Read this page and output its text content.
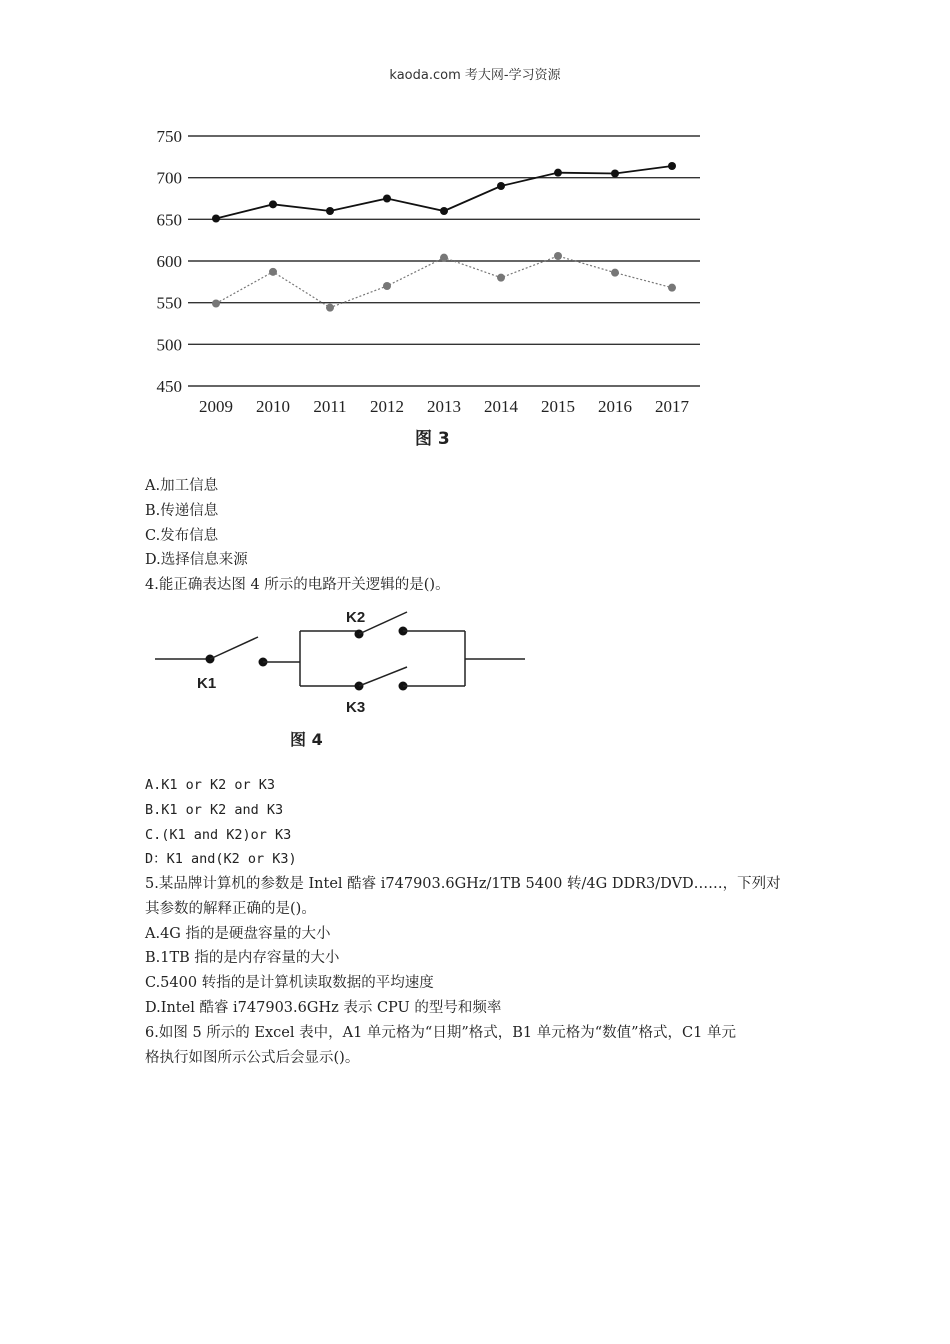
kaoda.com 考大网-学习资源
750
700
650
600
550
500
450
2009 2010 2011 2012 2013 2014 2015 2016 2017
图 3

A.加工信息

B.传递信息

C.发布信息

D.选择信息来源

4.能正确表达图 4 所示的电路开关逻辑的是()。

K1
K2
K3
图 4

A.K1 or K2 or K3

B.K1 or K2 and K3

C.(K1 and K2)or K3

D：K1 and(K2 or K3)

5.某品牌计算机的参数是 Intel 酷睿 i747903.6GHz/1TB 5400 转/4G DDR3/DVD……，下列对

其参数的解释正确的是()。

A.4G 指的是硬盘容量的大小

B.1TB 指的是内存容量的大小

C.5400 转指的是计算机读取数据的平均速度

D.Intel 酷睿 i747903.6GHz 表示 CPU 的型号和频率

6.如图 5 所示的 Excel 表中，A1 单元格为“日期”格式，B1 单元格为“数值”格式，C1 单元

格执行如图所示公式后会显示()。
